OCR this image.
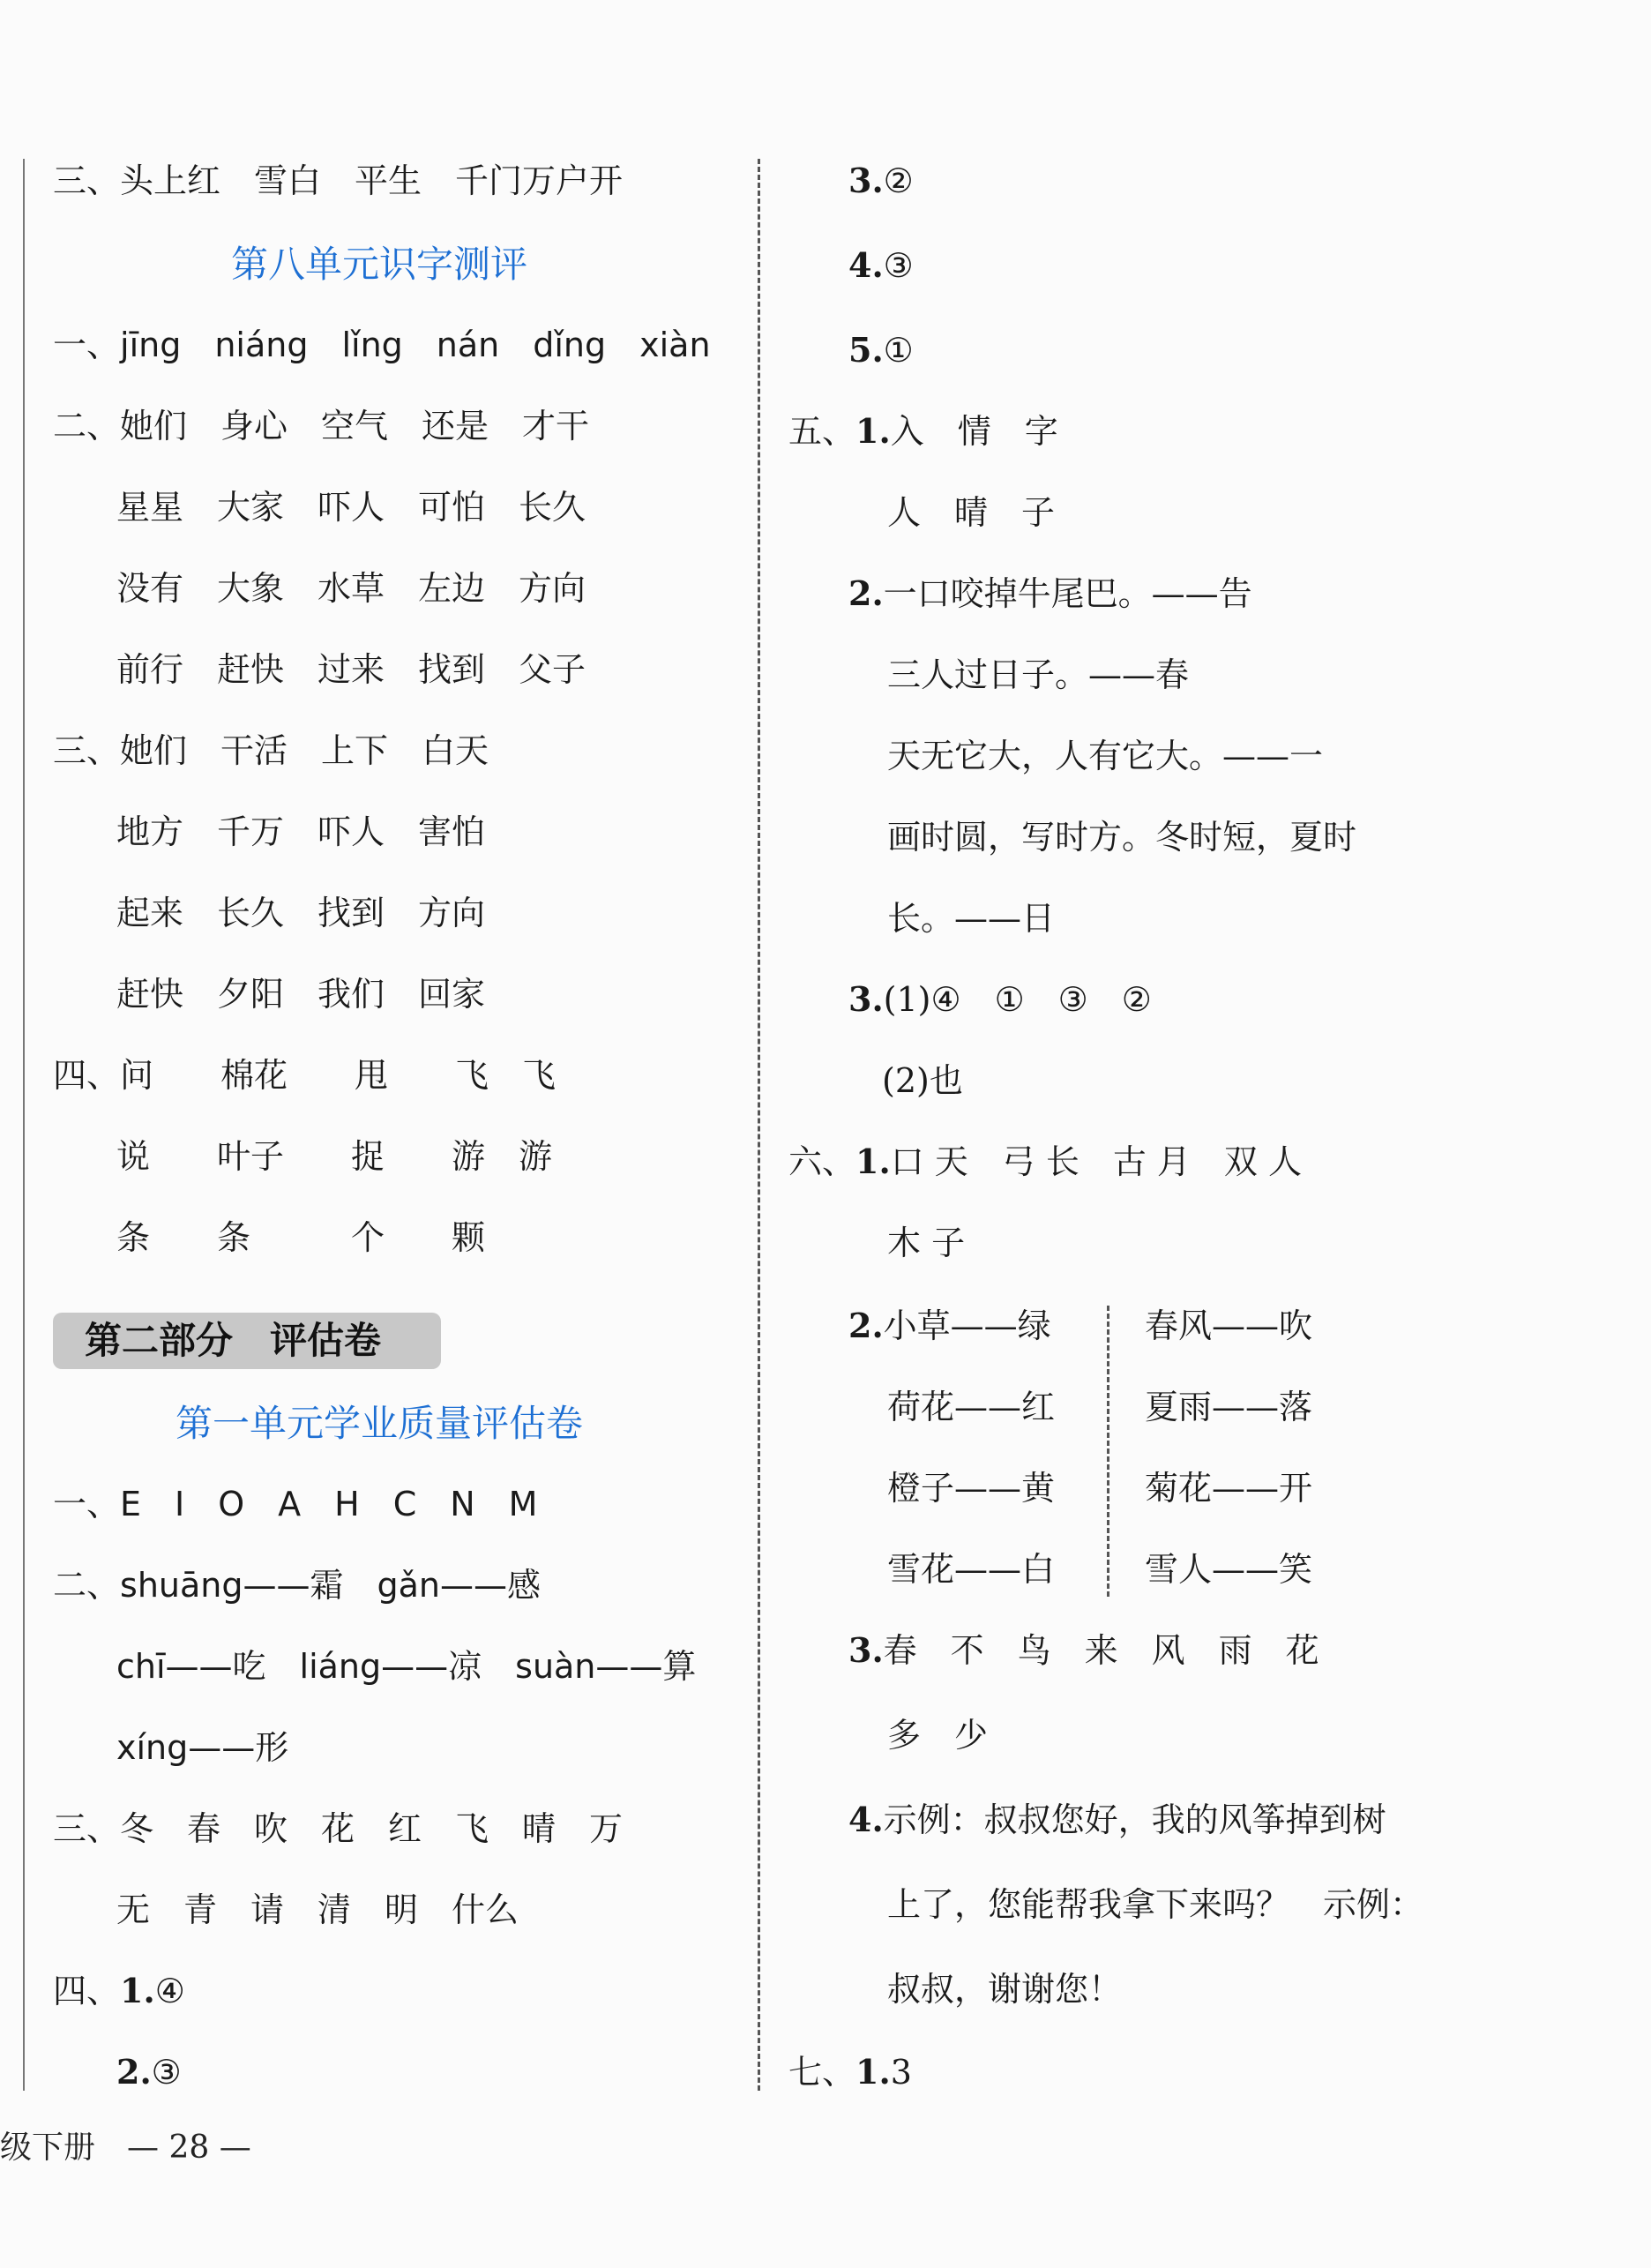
三、头上红　雪白　平生　千门万户开
第八单元识字测评
一、jīng　niáng　lǐng　nán　dǐng　xiàn
二、她们　身心　空气　还是　才干
星星　大家　吓人　可怕　长久
没有　大象　水草　左边　方向
前行　赶快　过来　找到　父子
三、她们　干活　上下　白天
地方　千万　吓人　害怕
起来　长久　找到　方向
赶快　夕阳　我们　回家
四、问　　棉花　　甩　　飞　飞
说　　叶子　　捉　　游　游
条　　条　　　个　　颗
第二部分　评估卷
第一单元学业质量评估卷
一、E　I　O　A　H　C　N　M
二、shuāng——霜　gǎn——感
chī——吃　liáng——凉　suàn——算
xíng——形
三、冬　春　吹　花　红　飞　晴　万
无　青　请　清　明　什么
四、1.④
2.③
3.②
4.③
5.①
五、1.入　情　字
人　晴　子
2.一口咬掉牛尾巴。——告
三人过日子。——春
天无它大，人有它大。——一
画时圆，写时方。冬时短，夏时
长。——日
3.(1)④　①　③　②
(2)也
六、1.口 天　弓 长　古 月　双 人
木 子
2.小草——绿
荷花——红
橙子——黄
雪花——白
春风——吹
夏雨——落
菊花——开
雪人——笑
3.春　不　鸟　来　风　雨　花
多　少
4.示例：叔叔您好，我的风筝掉到树
上了，您能帮我拿下来吗？　示例：
叔叔，谢谢您！
七、1.3
级下册　— 28 —
